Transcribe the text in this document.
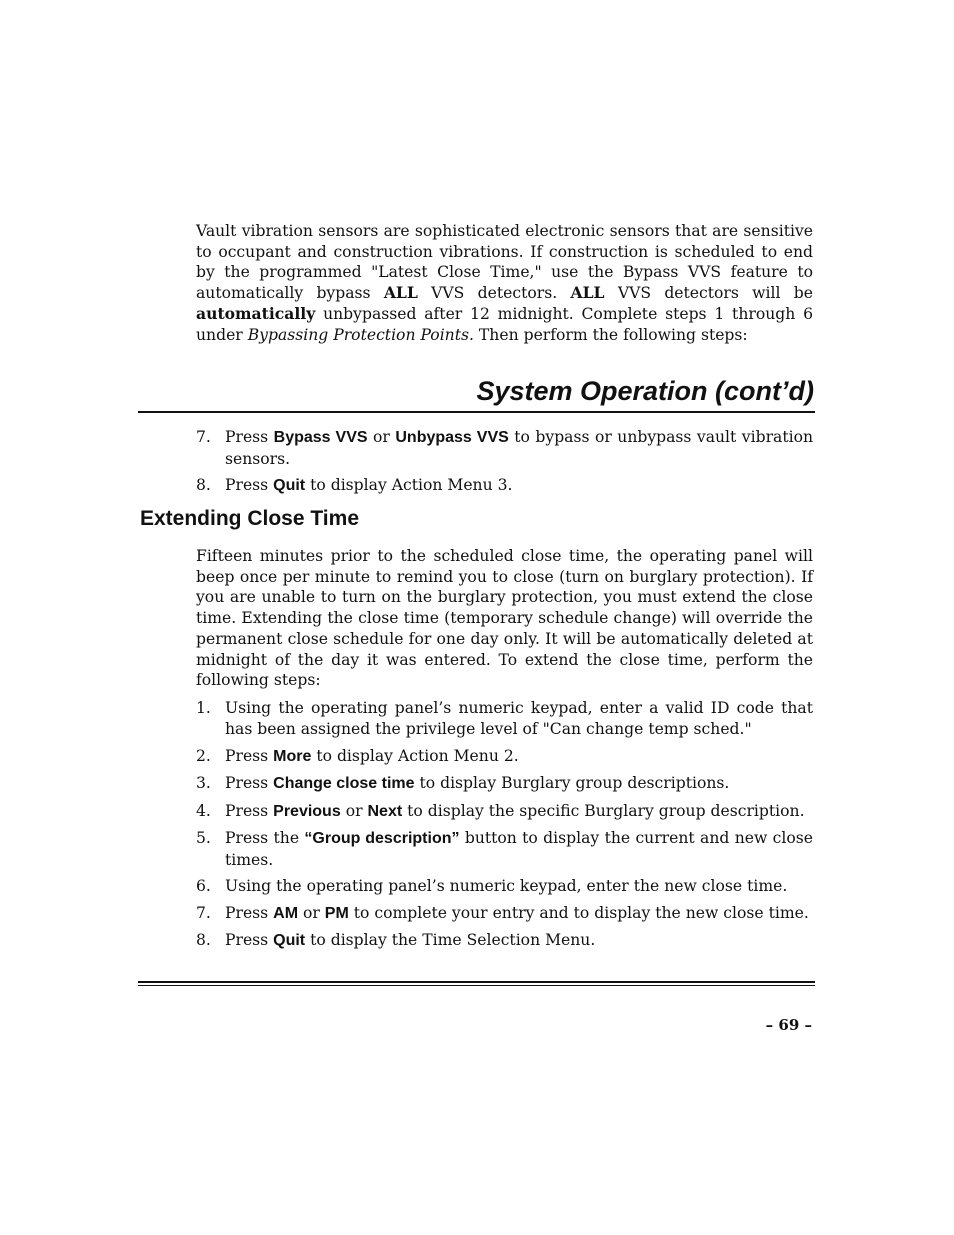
Vault vibration sensors are sophisticated electronic sensors that are sensitive to occupant and construction vibrations. If construction is scheduled to end by the programmed "Latest Close Time," use the Bypass VVS feature to automatically bypass ALL VVS detectors. ALL VVS detectors will be automatically unbypassed after 12 midnight. Complete steps 1 through 6 under Bypassing Protection Points. Then perform the following steps:

System Operation (cont’d)
7. Press Bypass VVS or Unbypass VVS to bypass or unbypass vault vibration sensors.
8. Press Quit to display Action Menu 3.
Extending Close Time

Fifteen minutes prior to the scheduled close time, the operating panel will beep once per minute to remind you to close (turn on burglary protection). If you are unable to turn on the burglary protection, you must extend the close time. Extending the close time (temporary schedule change) will override the permanent close schedule for one day only. It will be automatically deleted at midnight of the day it was entered. To extend the close time, perform the following steps:

1. Using the operating panel’s numeric keypad, enter a valid ID code that has been assigned the privilege level of "Can change temp sched."
2. Press More to display Action Menu 2.
3. Press Change close time to display Burglary group descriptions.
4. Press Previous or Next to display the specific Burglary group description.
5. Press the “Group description” button to display the current and new close times.
6. Using the operating panel’s numeric keypad, enter the new close time.
7. Press AM or PM to complete your entry and to display the new close time.
8. Press Quit to display the Time Selection Menu.
– 69 –
